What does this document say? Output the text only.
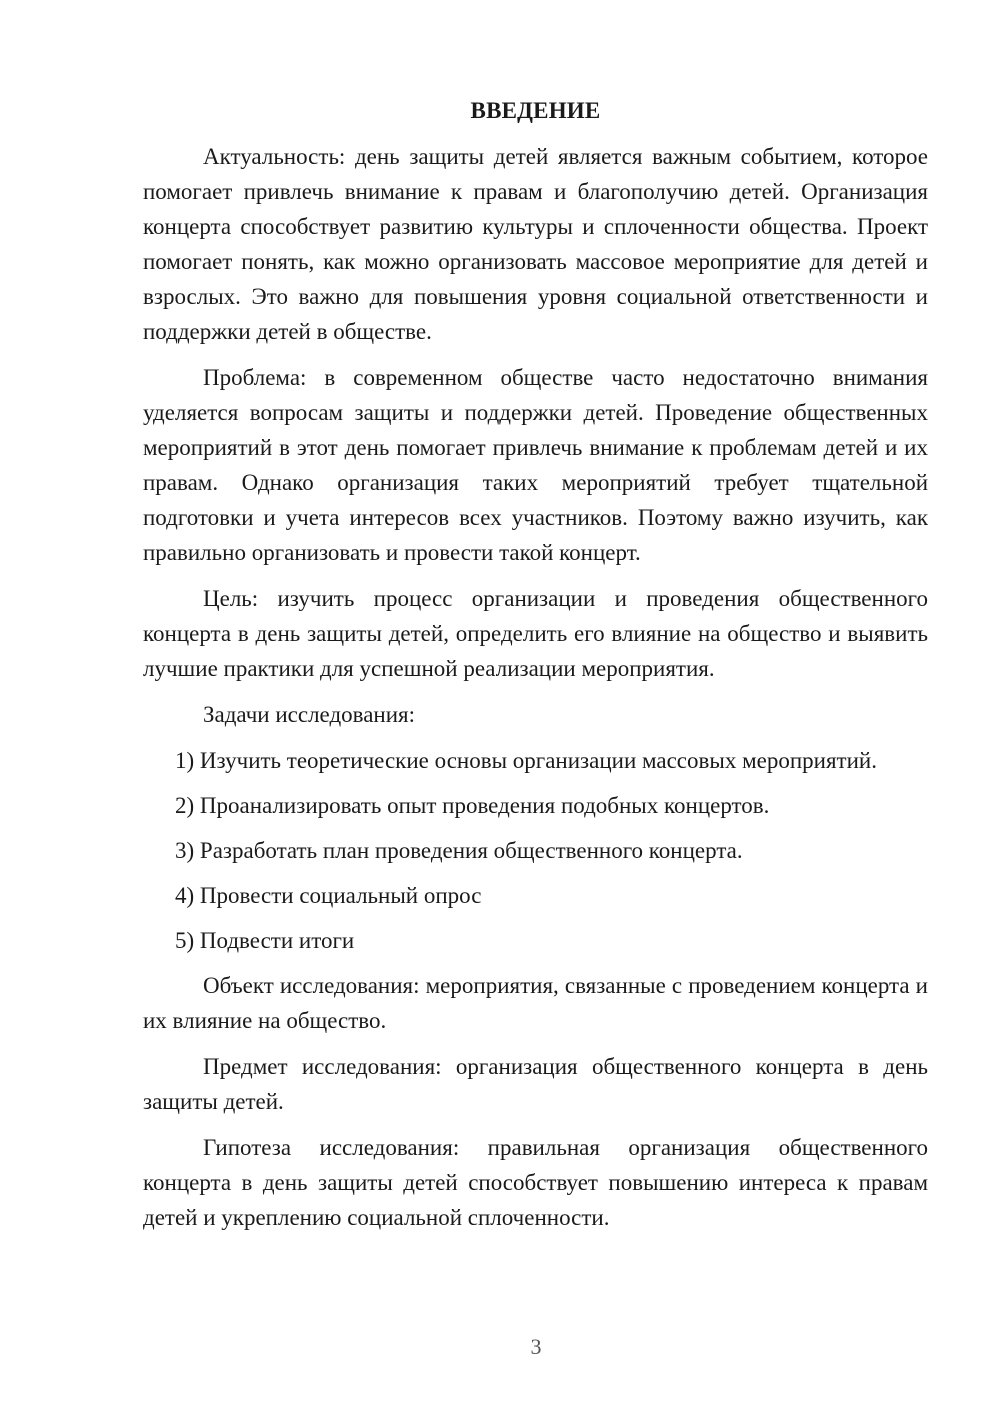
ВВЕДЕНИЕ

Актуальность: день защиты детей является важным событием, которое помогает привлечь внимание к правам и благополучию детей. Организация концерта способствует развитию культуры и сплоченности общества. Проект помогает понять, как можно организовать массовое мероприятие для детей и взрослых. Это важно для повышения уровня социальной ответственности и поддержки детей в обществе.

Проблема: в современном обществе часто недостаточно внимания уделяется вопросам защиты и поддержки детей. Проведение общественных мероприятий в этот день помогает привлечь внимание к проблемам детей и их правам. Однако организация таких мероприятий требует тщательной подготовки и учета интересов всех участников. Поэтому важно изучить, как правильно организовать и провести такой концерт.

Цель: изучить процесс организации и проведения общественного концерта в день защиты детей, определить его влияние на общество и выявить лучшие практики для успешной реализации мероприятия.

Задачи исследования:

1) Изучить теоретические основы организации массовых мероприятий.

2) Проанализировать опыт проведения подобных концертов.

3) Разработать план проведения общественного концерта.

4) Провести социальный опрос

5) Подвести итоги

Объект исследования: мероприятия, связанные с проведением концерта и их влияние на общество.

Предмет исследования: организация общественного концерта в день защиты детей.

Гипотеза исследования: правильная организация общественного концерта в день защиты детей способствует повышению интереса к правам детей и укреплению социальной сплоченности.

3
